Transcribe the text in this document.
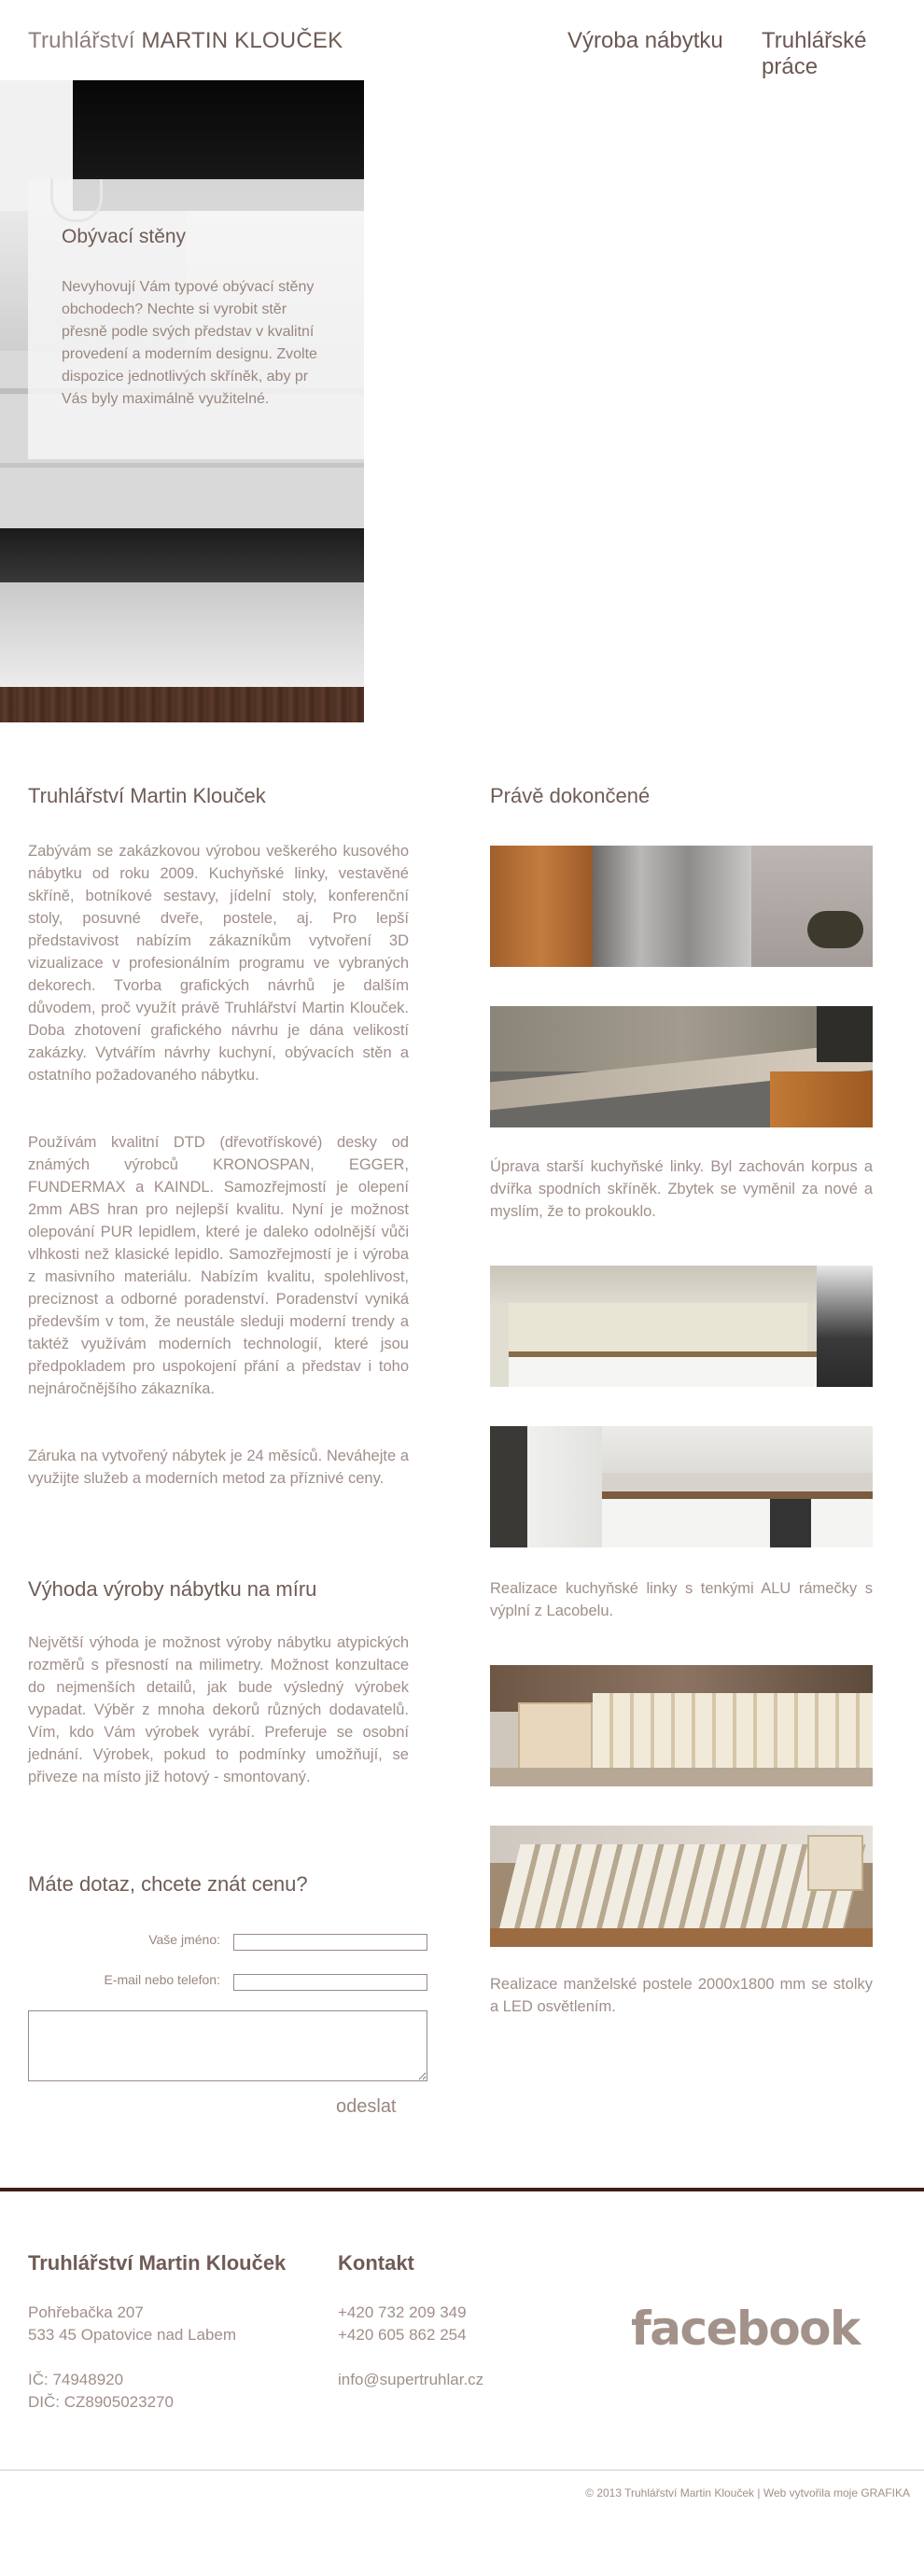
Truhlářství MARTIN KLOUČEK	Výroba nábytku Truhlářské práce
Obývací stěny
Nevyhovují Vám typové obývací stěny
obchodech? Nechte si vyrobit stěr
přesně podle svých představ v kvalitní
provedení a moderním designu. Zvolte
dispozice jednotlivých skříněk, aby pr
Vás byly maximálně využitelné.
Truhlářství Martin Klouček

Zabývám se zakázkovou výrobou veškerého kusového nábytku od roku 2009. Kuchyňské linky, vestavěné skříně, botníkové sestavy, jídelní stoly, konferenční stoly, posuvné dveře, postele, aj. Pro lepší představivost nabízím zákazníkům vytvoření 3D vizualizace v profesionálním programu ve vybraných dekorech. Tvorba grafických návrhů je dalším důvodem, proč využít právě Truhlářství Martin Klouček. Doba zhotovení grafického návrhu je dána velikostí zakázky. Vytvářím návrhy kuchyní, obývacích stěn a ostatního požadovaného nábytku.

Používám kvalitní DTD (dřevotřískové) desky od známých výrobců KRONOSPAN, EGGER, FUNDERMAX a KAINDL. Samozřejmostí je olepení 2mm ABS hran pro nejlepší kvalitu. Nyní je možnost olepování PUR lepidlem, které je daleko odolnější vůči vlhkosti než klasické lepidlo. Samozřejmostí je i výroba z masivního materiálu. Nabízím kvalitu, spolehlivost, preciznost a odborné poradenství. Poradenství vyniká především v tom, že neustále sleduji moderní trendy a taktéž využívám moderních technologií, které jsou předpokladem pro uspokojení přání a představ i toho nejnáročnějšího zákazníka.

Záruka na vytvořený nábytek je 24 měsíců. Neváhejte a využijte služeb a moderních metod za příznivé ceny.

Výhoda výroby nábytku na míru

Největší výhoda je možnost výroby nábytku atypických rozměrů s přesností na milimetry. Možnost konzultace do nejmenších detailů, jak bude výsledný výrobek vypadat. Výběr z mnoha dekorů různých dodavatelů. Vím, kdo Vám výrobek vyrábí. Preferuje se osobní jednání. Výrobek, pokud to podmínky umožňují, se přiveze na místo již hotový - smontovaný.

Máte dotaz, chcete znát cenu?
Vaše jméno:
E-mail nebo telefon:
odeslat
Právě dokončené

Úprava starší kuchyňské linky. Byl zachován korpus a dvířka spodních skříněk. Zbytek se vyměnil za nové a myslím, že to prokouklo.

Realizace kuchyňské linky s tenkými ALU rámečky s výplní z Lacobelu.

Realizace manželské postele 2000x1800 mm se stolky a LED osvětlením.

Truhlářství Martin Klouček
Pohřebačka 207
533 45 Opatovice nad Labem
IČ: 74948920
DIČ: CZ8905023270
Kontakt
+420 732 209 349
+420 605 862 254
info@supertruhlar.cz
facebook
© 2013 Truhlářství Martin Klouček | Web vytvořila moje GRAFIKA
